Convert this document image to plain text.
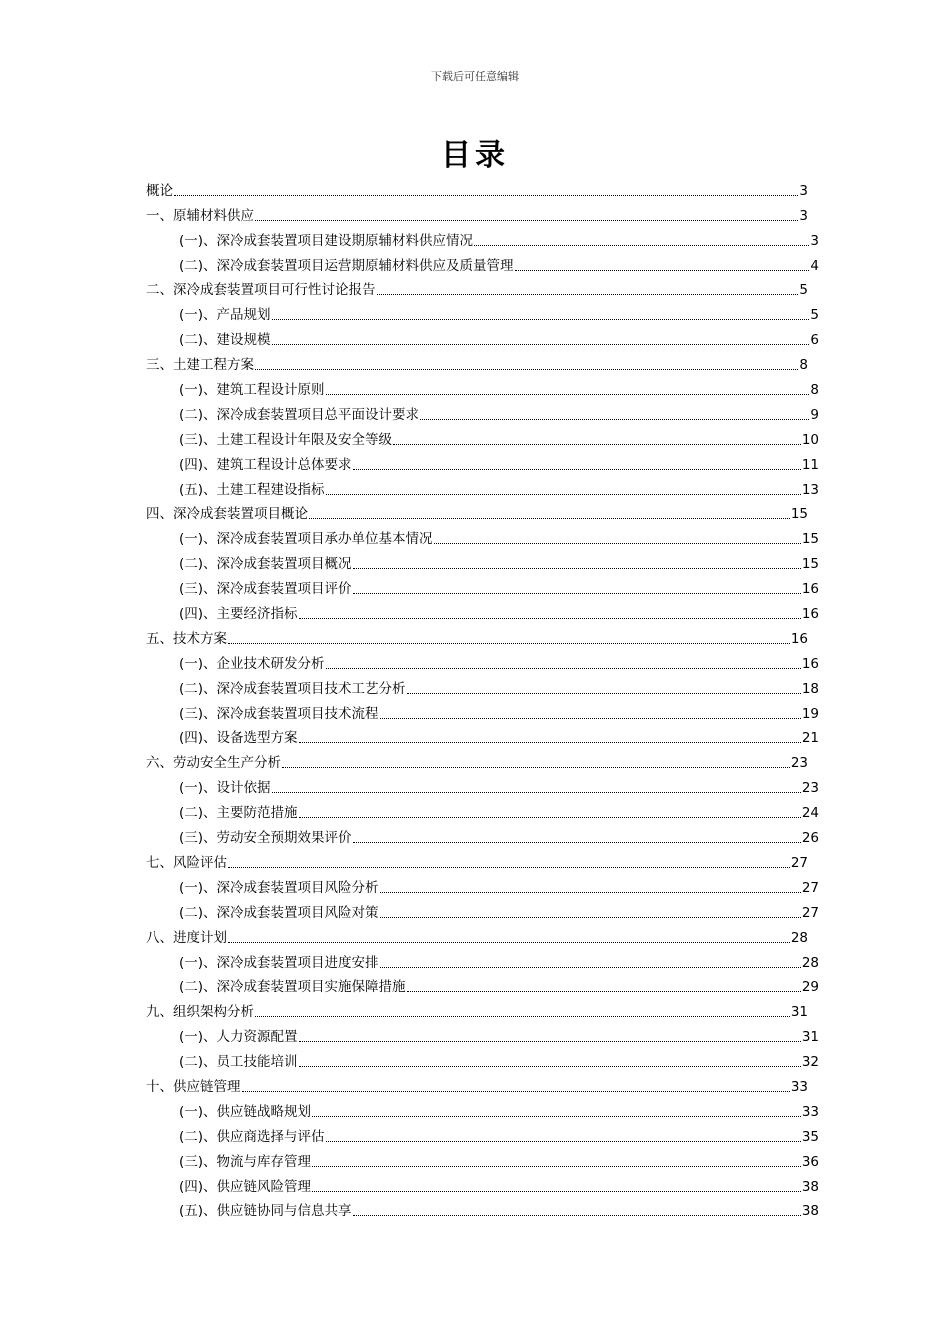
下载后可任意编辑
目录
概论	3
一、原辅材料供应	3
(一)、深冷成套装置项目建设期原辅材料供应情况	3
(二)、深冷成套装置项目运营期原辅材料供应及质量管理	4
二、深冷成套装置项目可行性讨论报告	5
(一)、产品规划	5
(二)、建设规模	6
三、土建工程方案	8
(一)、建筑工程设计原则	8
(二)、深冷成套装置项目总平面设计要求	9
(三)、土建工程设计年限及安全等级	10
(四)、建筑工程设计总体要求	11
(五)、土建工程建设指标	13
四、深冷成套装置项目概论	15
(一)、深冷成套装置项目承办单位基本情况	15
(二)、深冷成套装置项目概况	15
(三)、深冷成套装置项目评价	16
(四)、主要经济指标	16
五、技术方案	16
(一)、企业技术研发分析	16
(二)、深冷成套装置项目技术工艺分析	18
(三)、深冷成套装置项目技术流程	19
(四)、设备选型方案	21
六、劳动安全生产分析	23
(一)、设计依据	23
(二)、主要防范措施	24
(三)、劳动安全预期效果评价	26
七、风险评估	27
(一)、深冷成套装置项目风险分析	27
(二)、深冷成套装置项目风险对策	27
八、进度计划	28
(一)、深冷成套装置项目进度安排	28
(二)、深冷成套装置项目实施保障措施	29
九、组织架构分析	31
(一)、人力资源配置	31
(二)、员工技能培训	32
十、供应链管理	33
(一)、供应链战略规划	33
(二)、供应商选择与评估	35
(三)、物流与库存管理	36
(四)、供应链风险管理	38
(五)、供应链协同与信息共享	38
